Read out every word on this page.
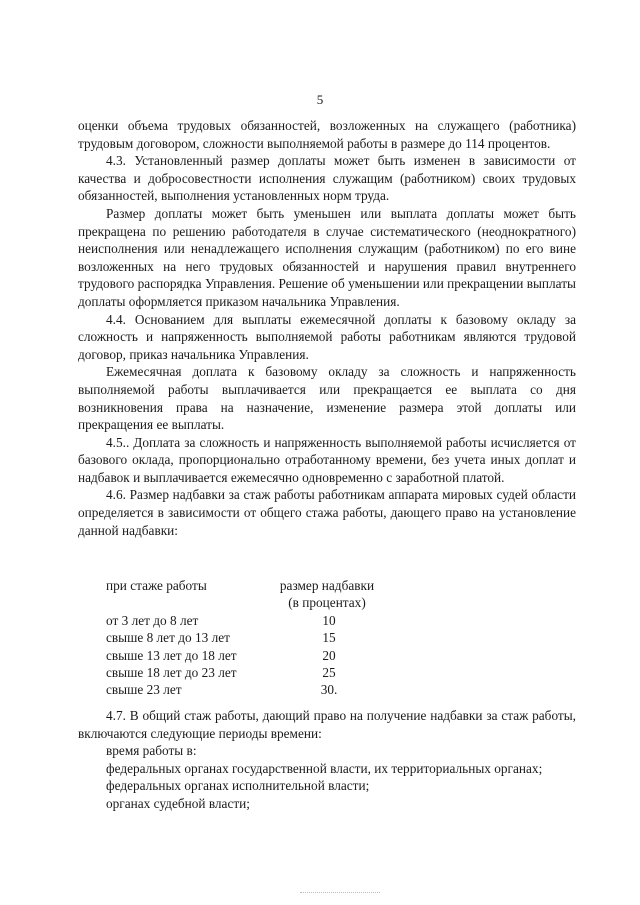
5

оценки объема трудовых обязанностей, возложенных на служащего (работника) трудовым договором, сложности выполняемой работы в размере до 114 процентов.

4.3. Установленный размер доплаты может быть изменен в зависимости от качества и добросовестности исполнения служащим (работником) своих трудовых обязанностей, выполнения установленных норм труда.

Размер доплаты может быть уменьшен или выплата доплаты может быть прекращена по решению работодателя в случае систематического (неоднократного) неисполнения или ненадлежащего исполнения служащим (работником) по его вине возложенных на него трудовых обязанностей и нарушения правил внутреннего трудового распорядка Управления. Решение об уменьшении или прекращении выплаты доплаты оформляется приказом начальника Управления.

4.4. Основанием для выплаты ежемесячной доплаты к базовому окладу за сложность и напряженность выполняемой работы работникам являются трудовой договор, приказ начальника Управления.

Ежемесячная доплата к базовому окладу за сложность и напряженность выполняемой работы выплачивается или прекращается ее выплата со дня возникновения права на назначение, изменение размера этой доплаты или прекращения ее выплаты.

4.5.. Доплата за сложность и напряженность выполняемой работы исчисляется от базового оклада, пропорционально отработанному времени, без учета иных доплат и надбавок и выплачивается ежемесячно одновременно с заработной платой.

4.6. Размер надбавки за стаж работы работникам аппарата мировых судей области определяется в зависимости от общего стажа работы, дающего право на установление данной надбавки:

при стаже работы	размер надбавки
(в процентах)
от 3 лет до 8 лет	10
свыше 8 лет до 13 лет	15
свыше 13 лет до 18 лет	20
свыше 18 лет до 23 лет	25
свыше 23 лет	30.

4.7. В общий стаж работы, дающий право на получение надбавки за стаж работы, включаются следующие периоды времени:

время работы в:

федеральных органах государственной власти, их территориальных органах;

федеральных органах исполнительной власти;

органах судебной власти;
